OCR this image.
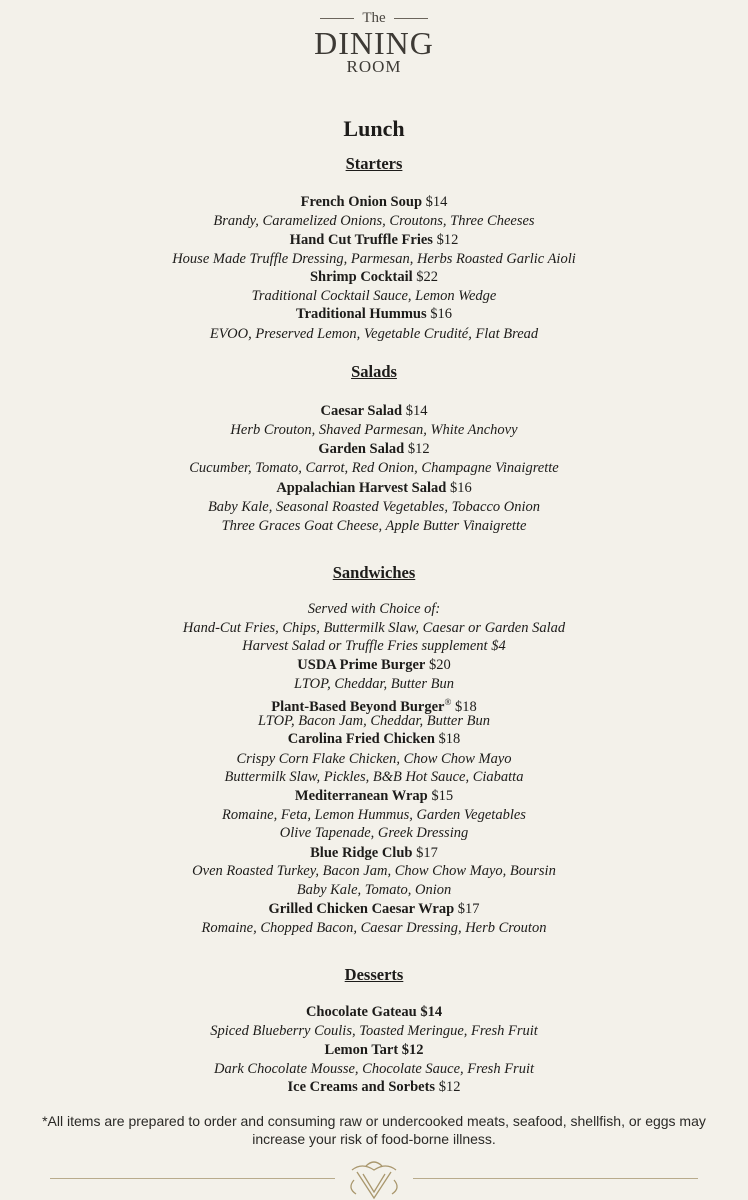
The
DINING
ROOM
Lunch
Starters
French Onion Soup $14
Brandy, Caramelized Onions, Croutons, Three Cheeses
Hand Cut Truffle Fries $12
House Made Truffle Dressing, Parmesan, Herbs Roasted Garlic Aioli
Shrimp Cocktail $22
Traditional Cocktail Sauce, Lemon Wedge
Traditional Hummus $16
EVOO, Preserved Lemon, Vegetable Crudité, Flat Bread
Salads
Caesar Salad $14
Herb Crouton, Shaved Parmesan, White Anchovy
Garden Salad $12
Cucumber, Tomato, Carrot, Red Onion, Champagne Vinaigrette
Appalachian Harvest Salad $16
Baby Kale, Seasonal Roasted Vegetables, Tobacco Onion
Three Graces Goat Cheese, Apple Butter Vinaigrette
Sandwiches
Served with Choice of:
Hand-Cut Fries, Chips, Buttermilk Slaw, Caesar or Garden Salad
Harvest Salad or Truffle Fries supplement $4
USDA Prime Burger $20
LTOP, Cheddar, Butter Bun
Plant-Based Beyond Burger® $18
LTOP, Bacon Jam, Cheddar, Butter Bun
Carolina Fried Chicken $18
Crispy Corn Flake Chicken, Chow Chow Mayo
Buttermilk Slaw, Pickles, B&B Hot Sauce, Ciabatta
Mediterranean Wrap $15
Romaine, Feta, Lemon Hummus, Garden Vegetables
Olive Tapenade, Greek Dressing
Blue Ridge Club $17
Oven Roasted Turkey, Bacon Jam, Chow Chow Mayo, Boursin
Baby Kale, Tomato, Onion
Grilled Chicken Caesar Wrap $17
Romaine, Chopped Bacon, Caesar Dressing, Herb Crouton
Desserts
Chocolate Gateau $14
Spiced Blueberry Coulis, Toasted Meringue, Fresh Fruit
Lemon Tart $12
Dark Chocolate Mousse, Chocolate Sauce, Fresh Fruit
Ice Creams and Sorbets $12
*All items are prepared to order and consuming raw or undercooked meats, seafood, shellfish, or eggs may
increase your risk of food-borne illness.
